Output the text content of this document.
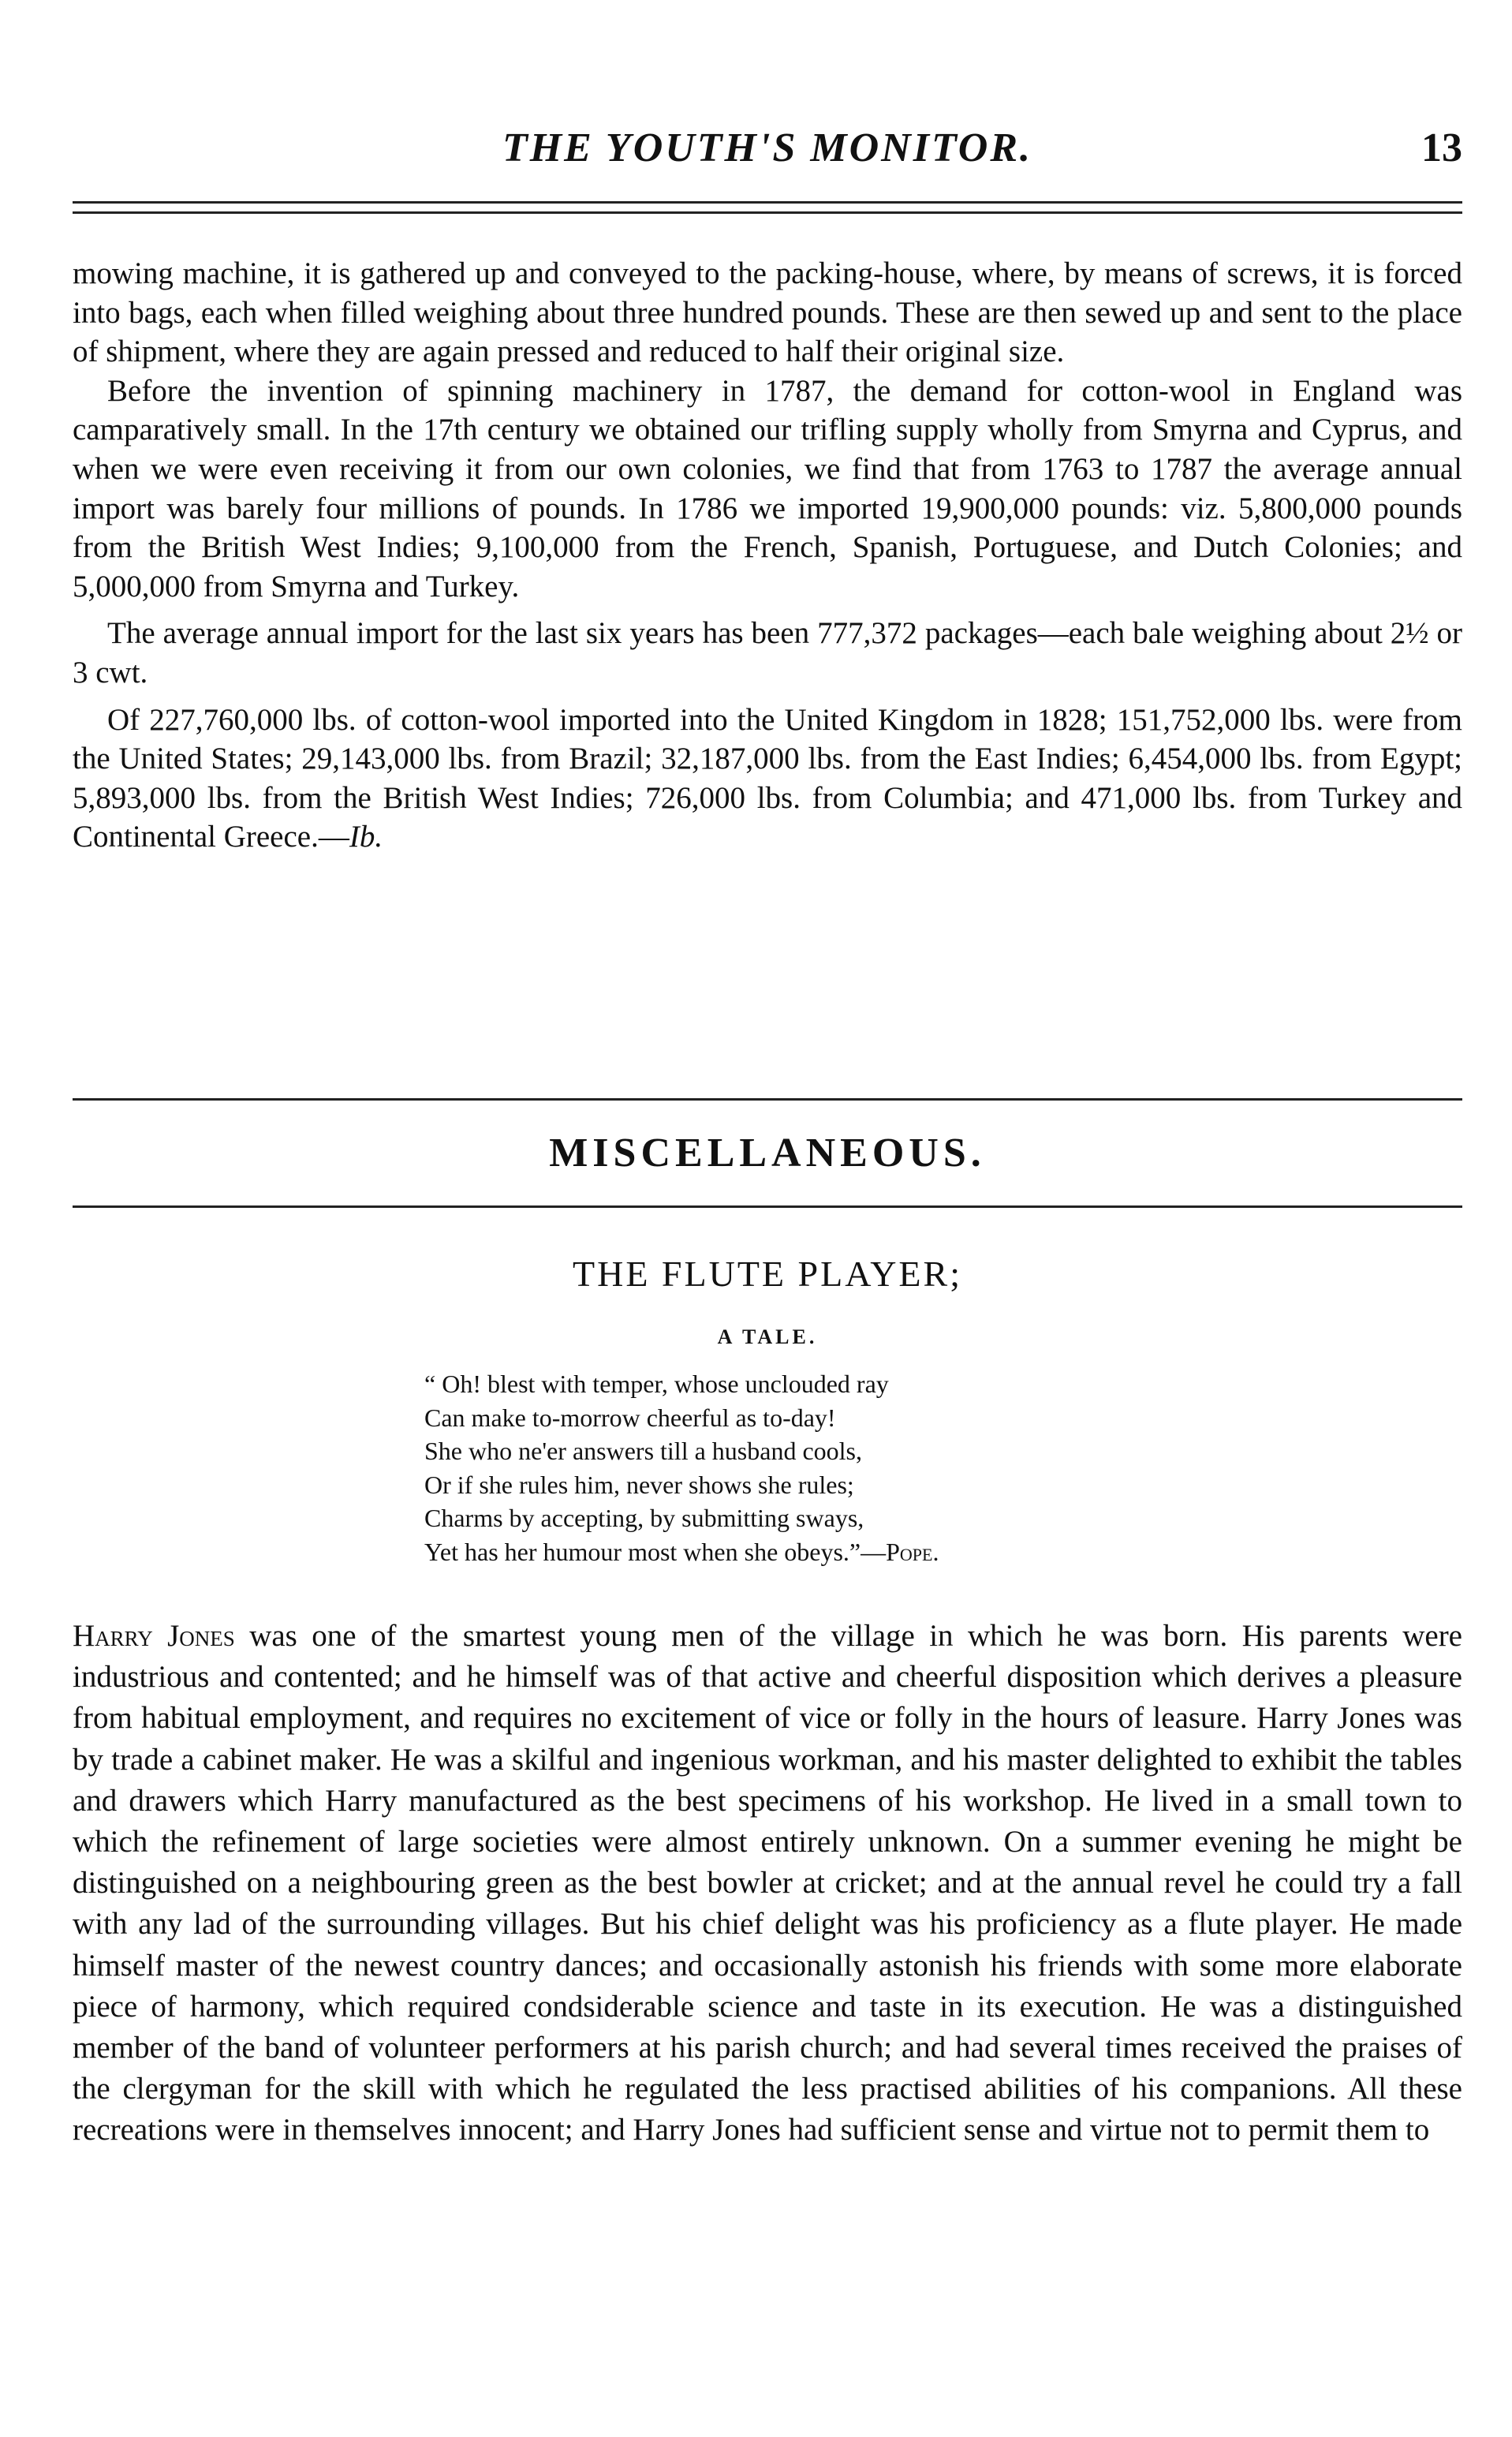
THE YOUTH'S MONITOR.	13

mowing machine, it is gathered up and conveyed to the packing-house, where, by means of screws, it is forced into bags, each when filled weighing about three hundred pounds. These are then sewed up and sent to the place of shipment, where they are again pressed and reduced to half their original size.

Before the invention of spinning machinery in 1787, the demand for cotton-wool in England was camparatively small. In the 17th century we obtained our trifling supply wholly from Smyrna and Cyprus, and when we were even receiving it from our own colonies, we find that from 1763 to 1787 the average annual import was barely four millions of pounds. In 1786 we imported 19,900,000 pounds: viz. 5,800,000 pounds from the British West Indies; 9,100,000 from the French, Spanish, Portuguese, and Dutch Colonies; and 5,000,000 from Smyrna and Turkey.

The average annual import for the last six years has been 777,372 packages—each bale weighing about 2½ or 3 cwt.

Of 227,760,000 lbs. of cotton-wool imported into the United Kingdom in 1828; 151,752,000 lbs. were from the United States; 29,143,000 lbs. from Brazil; 32,187,000 lbs. from the East Indies; 6,454,000 lbs. from Egypt; 5,893,000 lbs. from the British West Indies; 726,000 lbs. from Columbia; and 471,000 lbs. from Turkey and Continental Greece.—Ib.

MISCELLANEOUS.
THE FLUTE PLAYER;
A TALE.
“ Oh! blest with temper, whose unclouded ray
Can make to-morrow cheerful as to-day!
She who ne'er answers till a husband cools,
Or if she rules him, never shows she rules;
Charms by accepting, by submitting sways,
Yet has her humour most when she obeys.”—Pope.

Harry Jones was one of the smartest young men of the village in which he was born. His parents were industrious and contented; and he himself was of that active and cheerful disposition which derives a pleasure from habitual employment, and requires no excitement of vice or folly in the hours of leasure. Harry Jones was by trade a cabinet maker. He was a skilful and ingenious workman, and his master delighted to exhibit the tables and drawers which Harry manufactured as the best specimens of his workshop. He lived in a small town to which the refinement of large societies were almost entirely unknown. On a summer evening he might be distinguished on a neighbouring green as the best bowler at cricket; and at the annual revel he could try a fall with any lad of the surrounding villages. But his chief delight was his proficiency as a flute player. He made himself master of the newest country dances; and occasionally astonish his friends with some more elaborate piece of harmony, which required condsiderable science and taste in its execution. He was a distinguished member of the band of volunteer performers at his parish church; and had several times received the praises of the clergyman for the skill with which he regulated the less practised abilities of his companions. All these recreations were in themselves innocent; and Harry Jones had sufficient sense and virtue not to permit them to
